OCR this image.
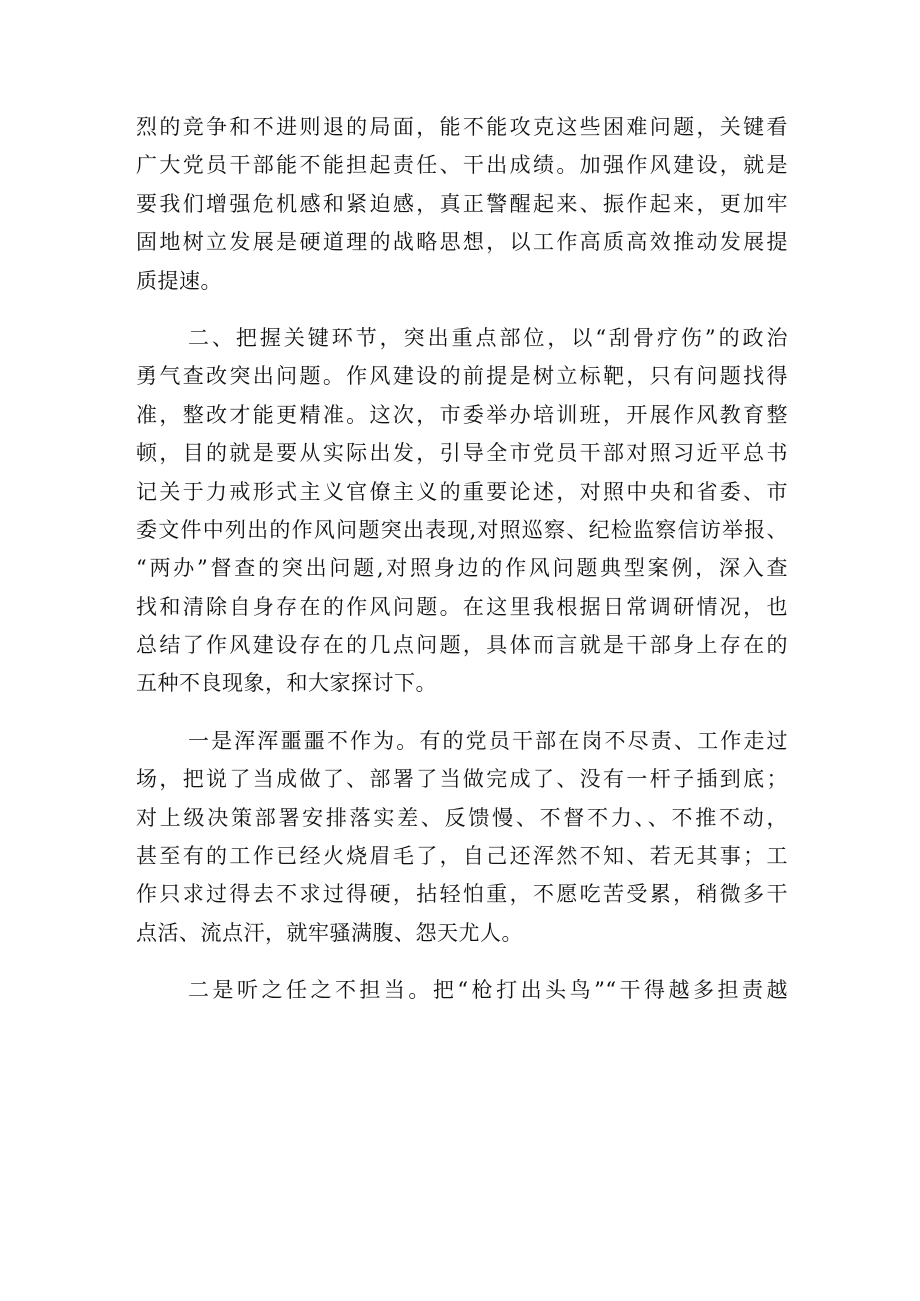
烈的竞争和不进则退的局面，能不能攻克这些困难问题，关键看
广大党员干部能不能担起责任、干出成绩。加强作风建设，就是
要我们增强危机感和紧迫感，真正警醒起来、振作起来，更加牢
固地树立发展是硬道理的战略思想，以工作高质高效推动发展提
质提速。
二、把握关键环节，突出重点部位，以“刮骨疗伤”的政治
勇气查改突出问题。作风建设的前提是树立标靶，只有问题找得
准，整改才能更精准。这次，市委举办培训班，开展作风教育整
顿，目的就是要从实际出发，引导全市党员干部对照习近平总书
记关于力戒形式主义官僚主义的重要论述，对照中央和省委、市
委文件中列出的作风问题突出表现,对照巡察、纪检监察信访举报、
“两办”督查的突出问题,对照身边的作风问题典型案例，深入查
找和清除自身存在的作风问题。在这里我根据日常调研情况，也
总结了作风建设存在的几点问题，具体而言就是干部身上存在的
五种不良现象，和大家探讨下。
一是浑浑噩噩不作为。有的党员干部在岗不尽责、工作走过
场，把说了当成做了、部署了当做完成了、没有一杆子插到底；
对上级决策部署安排落实差、反馈慢、不督不力、、不推不动，
甚至有的工作已经火烧眉毛了，自己还浑然不知、若无其事；工
作只求过得去不求过得硬，拈轻怕重，不愿吃苦受累，稍微多干
点活、流点汗，就牢骚满腹、怨天尤人。
二是听之任之不担当。把“枪打出头鸟”“干得越多担责越
